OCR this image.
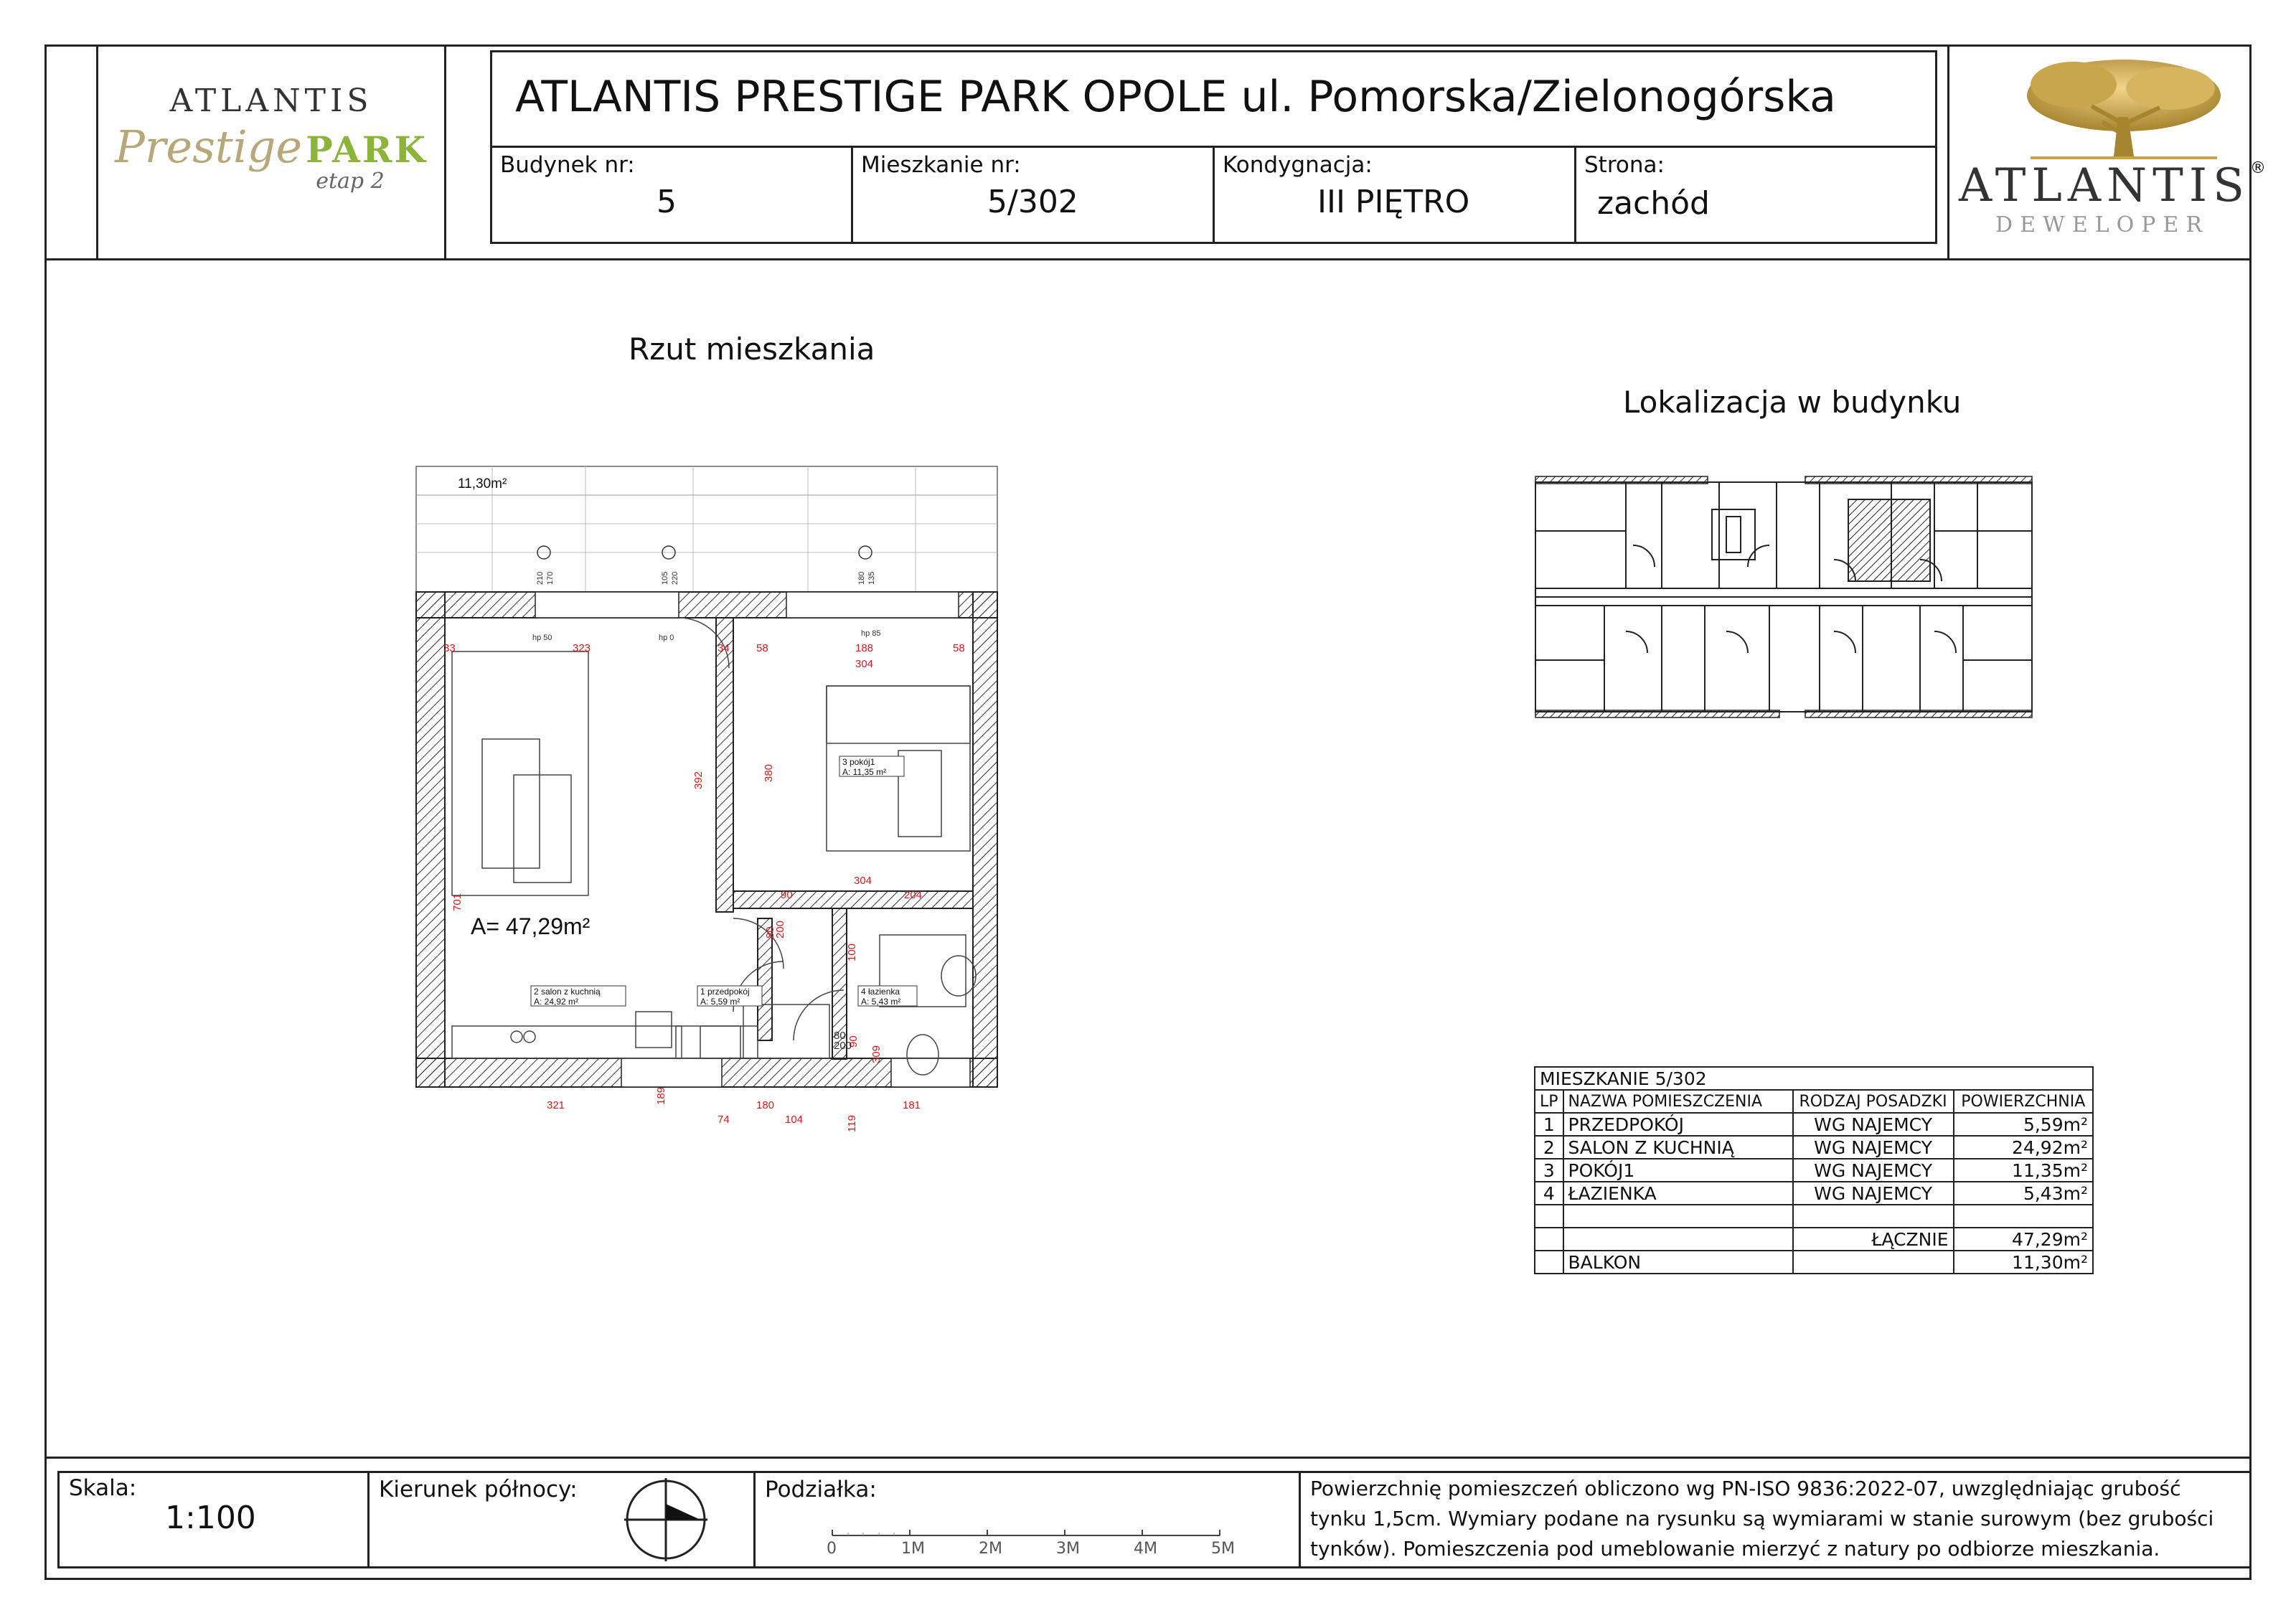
ATLANTIS
Prestige PARK
etap 2
ATLANTIS PRESTIGE PARK OPOLE ul. Pomorska/Zielonogórska
Budynek nr:
5
Mieszkanie nr:
5/302
Kondygnacja:
III PIĘTRO
Strona:
zachód	ATLANTIS®
DEWELOPER
Rzut mieszkania
Lokalizacja w budynku
11,30m²
210 170	105 220	180 135
3 pokój1
A: 11,35 m²
2 salon z kuchnią
A: 24,92 m²
1 przedpokój
A: 5,59 m²
4 łazienka
A: 5,43 m²
A= 47,29m²
33	323	34 58	188	58
304
392	380
304
204
701	90
200
80
100
309
90
80
200
189
321	180
74	104	119
181
hp 50	hp 0	hp 85
MIESZKANIE 5/302			
LP	NAZWA POMIESZCZENIA	RODZAJ POSADZKI	POWIERZCHNIA
1	PRZEDPOKÓJ	WG NAJEMCY	5,59m²
2	SALON Z KUCHNIĄ	WG NAJEMCY	24,92m²
3	POKÓJ1	WG NAJEMCY	11,35m²
4	ŁAZIENKA	WG NAJEMCY	5,43m²

		ŁĄCZNIE	47,29m²
	BALKON		11,30m²
Skala:
1:100
Kierunek północy:	Podziałka:
0	1M	2M	3M	4M	5M
Powierzchnię pomieszczeń obliczono wg PN-ISO 9836:2022-07, uwzględniając grubość tynku 1,5cm. Wymiary podane na rysunku są wymiarami w stanie surowym (bez grubości tynków). Pomieszczenia pod umeblowanie mierzyć z natury po odbiorze mieszkania.
